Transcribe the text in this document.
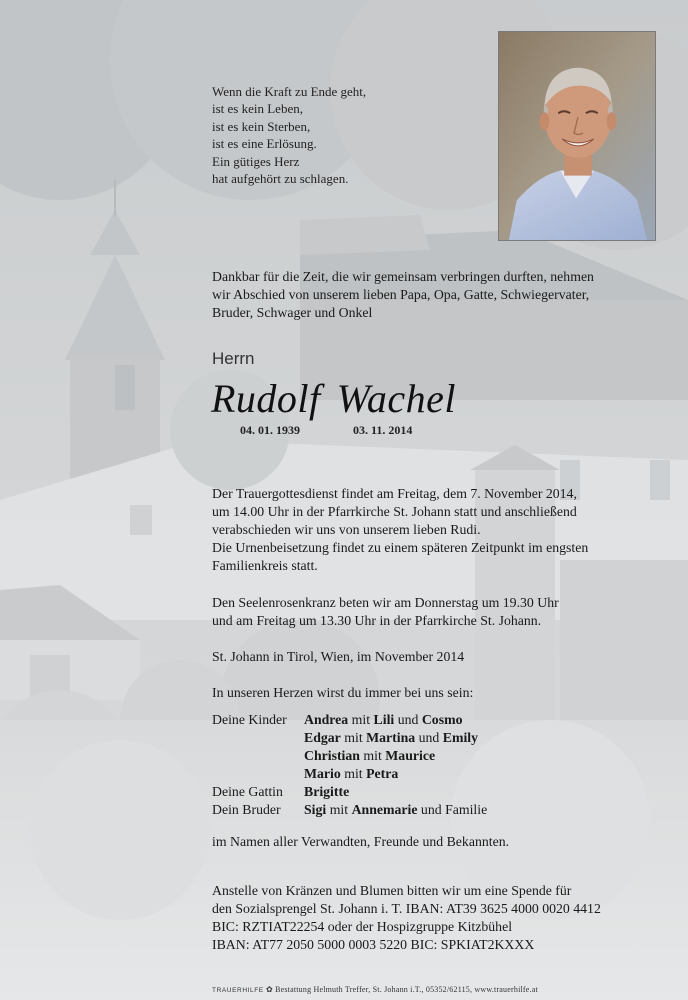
Wenn die Kraft zu Ende geht,
ist es kein Leben,
ist es kein Sterben,
ist es eine Erlösung.
Ein gütiges Herz
hat aufgehört zu schlagen.
Dankbar für die Zeit, die wir gemeinsam verbringen durften, nehmen
wir Abschied von unserem lieben Papa, Opa, Gatte, Schwiegervater,
Bruder, Schwager und Onkel
Herrn
Rudolf Wachel
04. 01. 1939	03. 11. 2014
Der Trauergottesdienst findet am Freitag, dem 7. November 2014,
um 14.00 Uhr in der Pfarrkirche St. Johann statt und anschließend
verabschieden wir uns von unserem lieben Rudi.
Die Urnenbeisetzung findet zu einem späteren Zeitpunkt im engsten
Familienkreis statt.
Den Seelenrosenkranz beten wir am Donnerstag um 19.30 Uhr
und am Freitag um 13.30 Uhr in der Pfarrkirche St. Johann.
St. Johann in Tirol, Wien, im November 2014
In unseren Herzen wirst du immer bei uns sein:
Deine Kinder Andrea mit Lili und Cosmo
Edgar mit Martina und Emily
Christian mit Maurice
Mario mit Petra
Deine Gattin Brigitte
Dein Bruder Sigi mit Annemarie und Familie
im Namen aller Verwandten, Freunde und Bekannten.
Anstelle von Kränzen und Blumen bitten wir um eine Spende für
den Sozialsprengel St. Johann i. T. IBAN: AT39 3625 4000 0020 4412
BIC: RZTIAT22254 oder der Hospizgruppe Kitzbühel
IBAN: AT77 2050 5000 0003 5220 BIC: SPKIAT2KXXX
TRAUERHILFE ✿ Bestattung Helmuth Treffer, St. Johann i.T., 05352/62115, www.trauerhilfe.at
